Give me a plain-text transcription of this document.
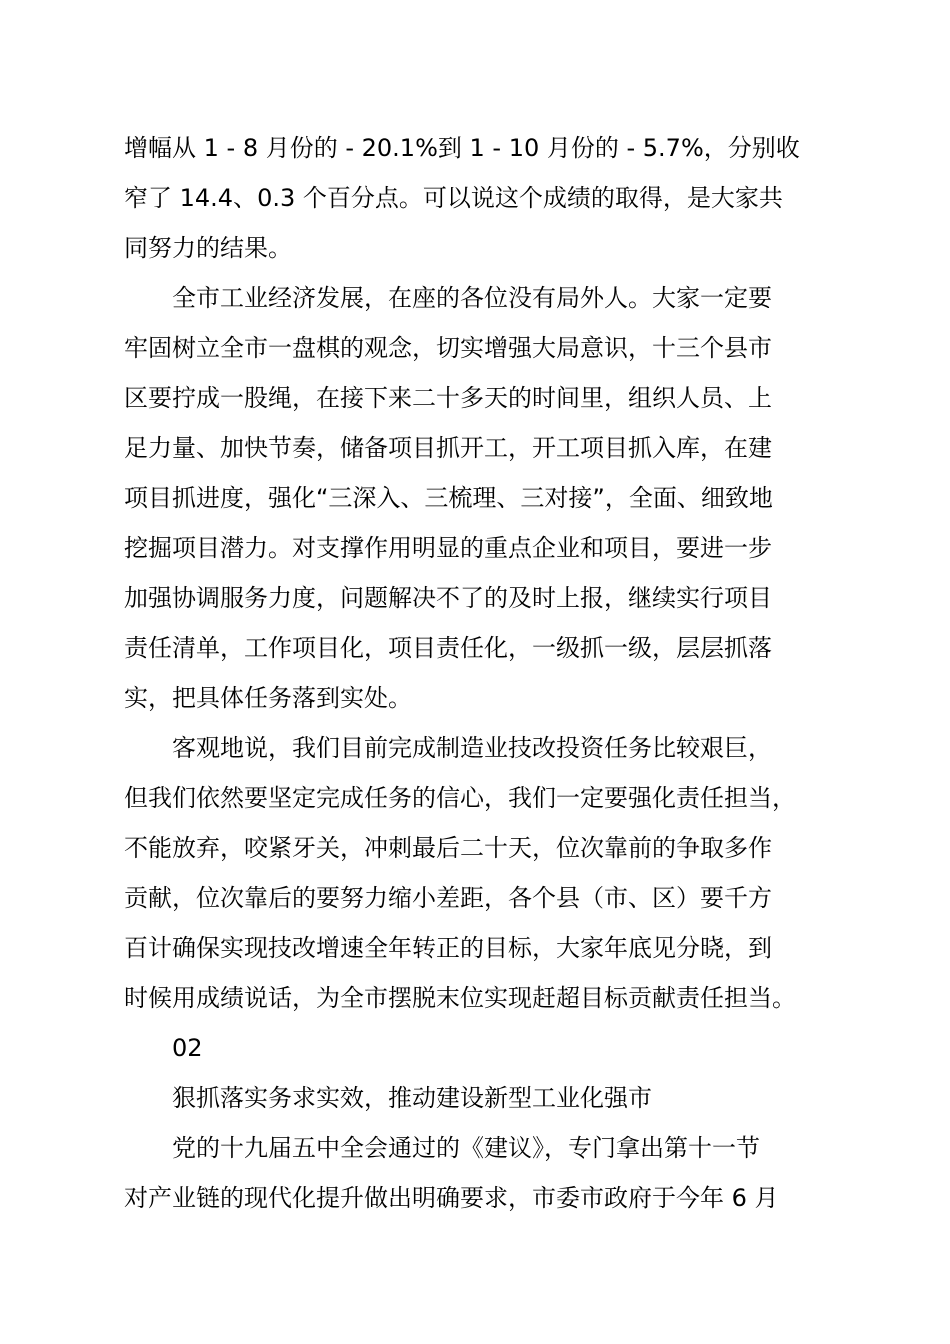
增幅从 1 - 8 月份的 - 20.1%到 1 - 10 月份的 - 5.7%，分别收
窄了 14.4、0.3 个百分点。可以说这个成绩的取得，是大家共
同努力的结果。
全市工业经济发展，在座的各位没有局外人。大家一定要
牢固树立全市一盘棋的观念，切实增强大局意识，十三个县市
区要拧成一股绳，在接下来二十多天的时间里，组织人员、上
足力量、加快节奏，储备项目抓开工，开工项目抓入库，在建
项目抓进度，强化“三深入、三梳理、三对接”，全面、细致地
挖掘项目潜力。对支撑作用明显的重点企业和项目，要进一步
加强协调服务力度，问题解决不了的及时上报，继续实行项目
责任清单，工作项目化，项目责任化，一级抓一级，层层抓落
实，把具体任务落到实处。
客观地说，我们目前完成制造业技改投资任务比较艰巨，
但我们依然要坚定完成任务的信心，我们一定要强化责任担当，
不能放弃，咬紧牙关，冲刺最后二十天，位次靠前的争取多作
贡献，位次靠后的要努力缩小差距，各个县（市、区）要千方
百计确保实现技改增速全年转正的目标，大家年底见分晓，到
时候用成绩说话，为全市摆脱末位实现赶超目标贡献责任担当。
02
狠抓落实务求实效，推动建设新型工业化强市
党的十九届五中全会通过的《建议》，专门拿出第十一节
对产业链的现代化提升做出明确要求，市委市政府于今年 6 月
